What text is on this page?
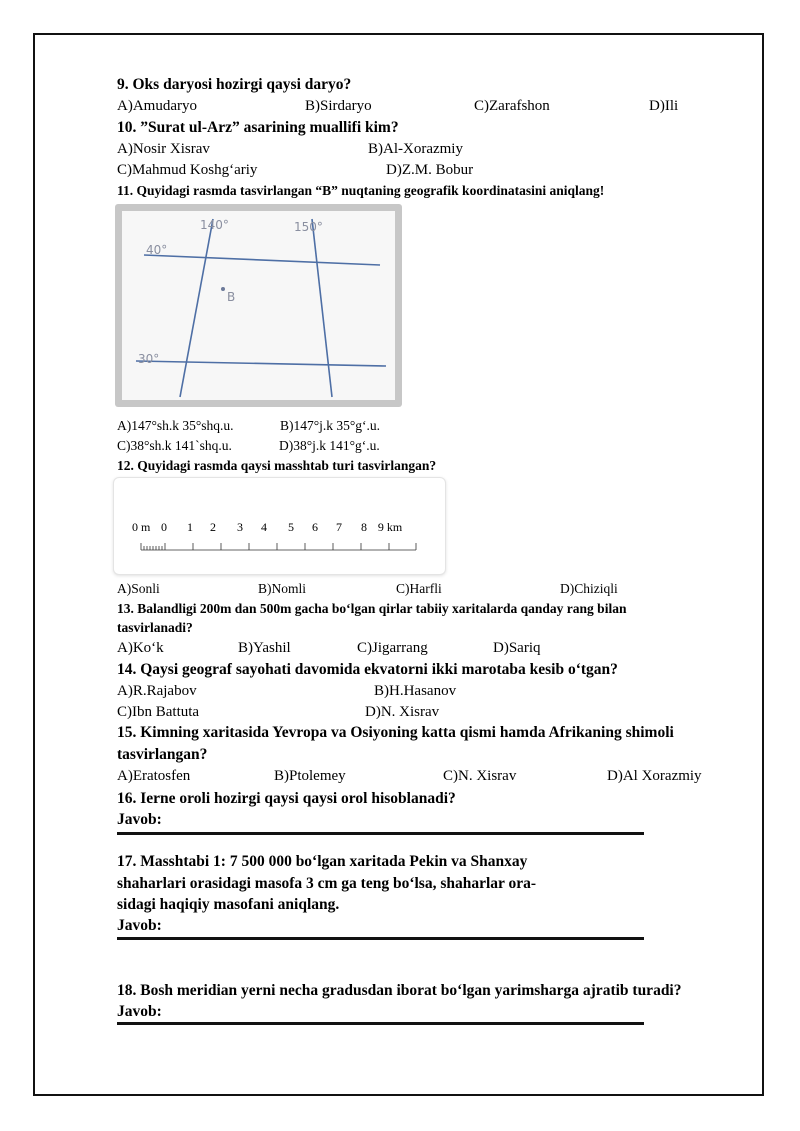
9. Oks daryosi hozirgi qaysi daryo?
A)Amudaryo	B)Sirdaryo	C)Zarafshon	D)Ili
10. ”Surat ul-Arz” asarining muallifi kim?
A)Nosir Xisrav	B)Al-Xorazmiy
C)Mahmud Koshg‘ariy	D)Z.M. Bobur
11. Quyidagi rasmda tasvirlangan “B” nuqtaning geografik koordinatasini aniqlang!
140°	150°
40°
30°
B
A)147°sh.k 35°shq.u.	B)147°j.k 35°g‘.u.
C)38°sh.k 141`shq.u.	D)38°j.k 141°g‘.u.
12. Quyidagi rasmda qaysi masshtab turi tasvirlangan?
0 m 0 1 2 3 4 5 6 7 8 9 km
A)Sonli	B)Nomli	C)Harfli	D)Chiziqli
13. Balandligi 200m dan 500m gacha bo‘lgan qirlar tabiiy xaritalarda qanday rang bilan
tasvirlanadi?
A)Ko‘k	B)Yashil	C)Jigarrang	D)Sariq
14. Qaysi geograf sayohati davomida ekvatorni ikki marotaba kesib o‘tgan?
A)R.Rajabov	B)H.Hasanov
C)Ibn Battuta	D)N. Xisrav
15. Kimning xaritasida Yevropa va Osiyoning katta qismi hamda Afrikaning shimoli
tasvirlangan?
A)Eratosfen	B)Ptolemey	C)N. Xisrav	D)Al Xorazmiy
16. Ierne oroli hozirgi qaysi qaysi orol hisoblanadi?
Javob:
17. Masshtabi 1: 7 500 000 bo‘lgan xaritada Pekin va Shanxay
shaharlari orasidagi masofa 3 cm ga teng bo‘lsa, shaharlar ora-
sidagi haqiqiy masofani aniqlang.
Javob:
18. Bosh meridian yerni necha gradusdan iborat bo‘lgan yarimsharga ajratib turadi?
Javob:
